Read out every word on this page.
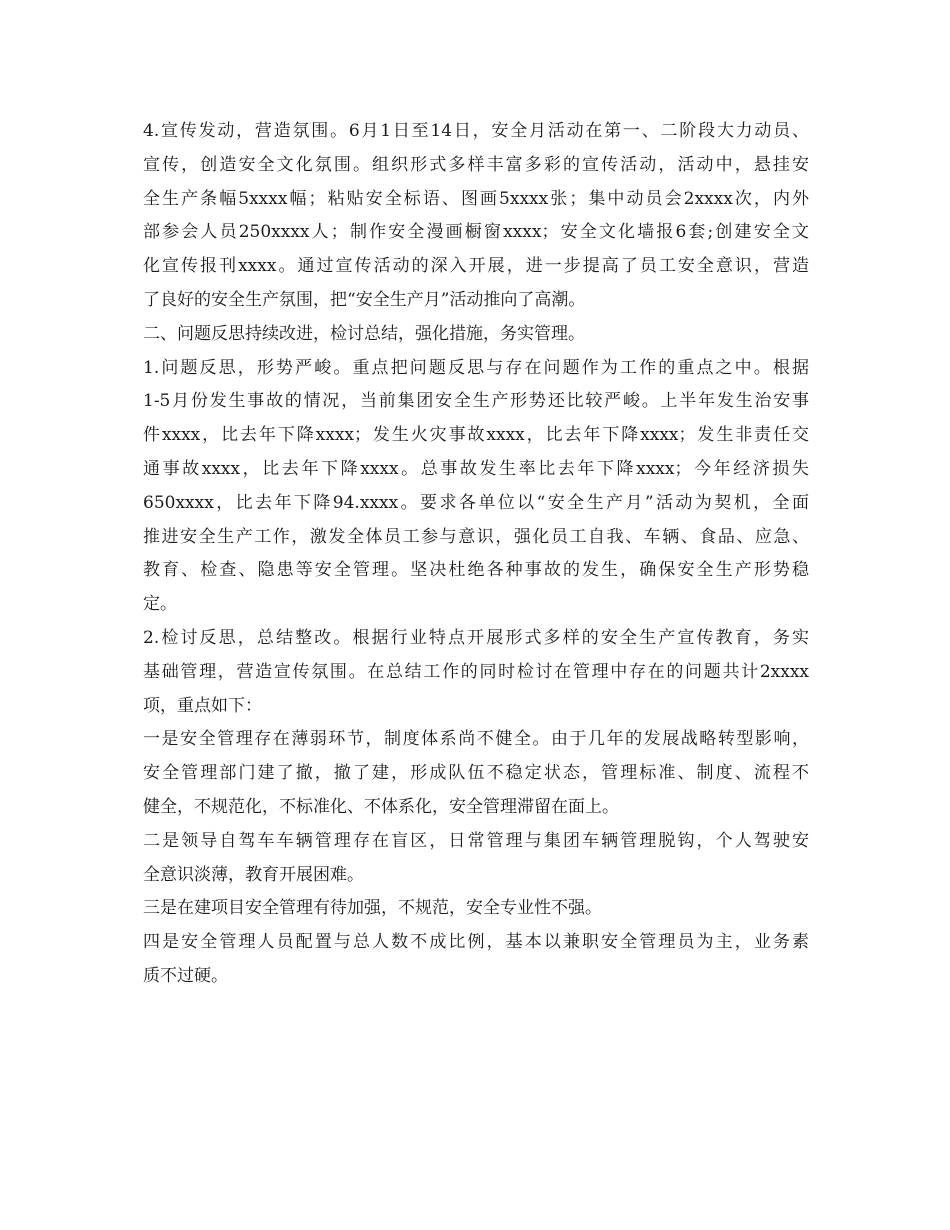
4.宣传发动，营造氛围。6月1日至14日，安全月活动在第一、二阶段大力动员、
宣传，创造安全文化氛围。组织形式多样丰富多彩的宣传活动，活动中，悬挂安
全生产条幅5xxxx幅；粘贴安全标语、图画5xxxx张；集中动员会2xxxx次，内外
部参会人员250xxxx人；制作安全漫画橱窗xxxx；安全文化墙报6套;创建安全文
化宣传报刊xxxx。通过宣传活动的深入开展，进一步提高了员工安全意识，营造
了良好的安全生产氛围，把“安全生产月”活动推向了高潮。
二、问题反思持续改进，检讨总结，强化措施，务实管理。
1.问题反思，形势严峻。重点把问题反思与存在问题作为工作的重点之中。根据
1-5月份发生事故的情况，当前集团安全生产形势还比较严峻。上半年发生治安事
件xxxx，比去年下降xxxx；发生火灾事故xxxx，比去年下降xxxx；发生非责任交
通事故xxxx，比去年下降xxxx。总事故发生率比去年下降xxxx；今年经济损失
650xxxx，比去年下降94.xxxx。要求各单位以“安全生产月”活动为契机，全面
推进安全生产工作，激发全体员工参与意识，强化员工自我、车辆、食品、应急、
教育、检查、隐患等安全管理。坚决杜绝各种事故的发生，确保安全生产形势稳
定。
2.检讨反思，总结整改。根据行业特点开展形式多样的安全生产宣传教育，务实
基础管理，营造宣传氛围。在总结工作的同时检讨在管理中存在的问题共计2xxxx
项，重点如下：
一是安全管理存在薄弱环节，制度体系尚不健全。由于几年的发展战略转型影响，
安全管理部门建了撤，撤了建，形成队伍不稳定状态，管理标准、制度、流程不
健全，不规范化，不标准化、不体系化，安全管理滞留在面上。
二是领导自驾车车辆管理存在盲区，日常管理与集团车辆管理脱钩，个人驾驶安
全意识淡薄，教育开展困难。
三是在建项目安全管理有待加强，不规范，安全专业性不强。
四是安全管理人员配置与总人数不成比例，基本以兼职安全管理员为主，业务素
质不过硬。
